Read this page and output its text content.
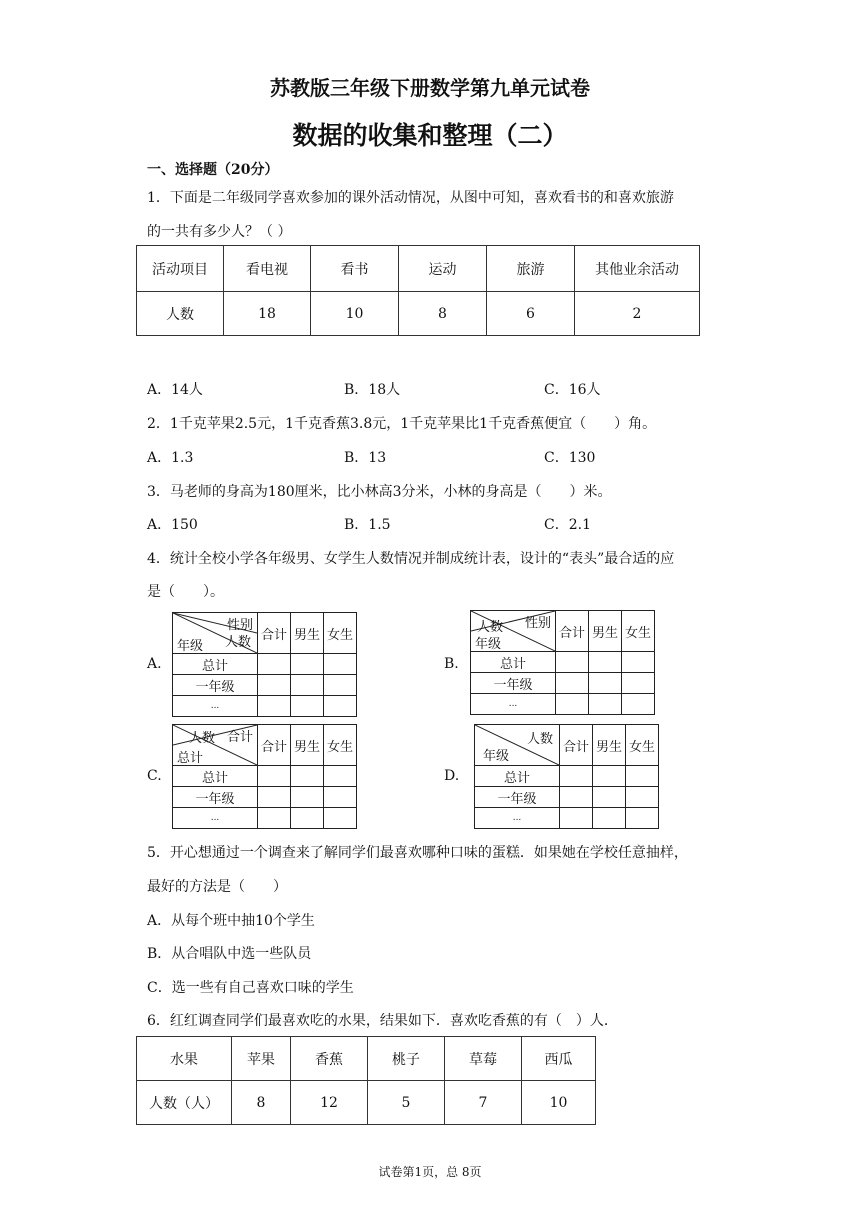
苏教版三年级下册数学第九单元试卷
数据的收集和整理（二）
一、选择题（20分）
1．下面是二年级同学喜欢参加的课外活动情况，从图中可知，喜欢看书的和喜欢旅游
的一共有多少人？（ ）
活动项目	看电视	看书	运动	旅游	其他业余活动
人数	18	10	8	6	2
A．14人	B．18人	C．16人
2．1千克苹果2.5元，1千克香蕉3.8元，1千克苹果比1千克香蕉便宜（　　）角。
A．1.3	B．13	C．130
3．马老师的身高为180厘米，比小林高3分米，小林的身高是（　　）米。
A．150	B．1.5	C．2.1
4．统计全校小学各年级男、女学生人数情况并制成统计表，设计的“表头”最合适的应
是（　　）。
A.
性别
人数
年级	合计	男生	女生
总计			
一年级			
...			
B.
性别
人数
年级	合计	男生	女生
总计			
一年级			
...			
C.
合计
人数
总计	合计	男生	女生
总计			
一年级			
...			
D.
人数
年级	合计	男生	女生
总计			
一年级			
...			
5．开心想通过一个调查来了解同学们最喜欢哪种口味的蛋糕．如果她在学校任意抽样，
最好的方法是（　　）
A．从每个班中抽10个学生
B．从合唱队中选一些队员
C．选一些有自己喜欢口味的学生
6．红红调查同学们最喜欢吃的水果，结果如下．喜欢吃香蕉的有（　）人．
水果	苹果	香蕉	桃子	草莓	西瓜
人数（人）	8	12	5	7	10
试卷第1页，总 8页
